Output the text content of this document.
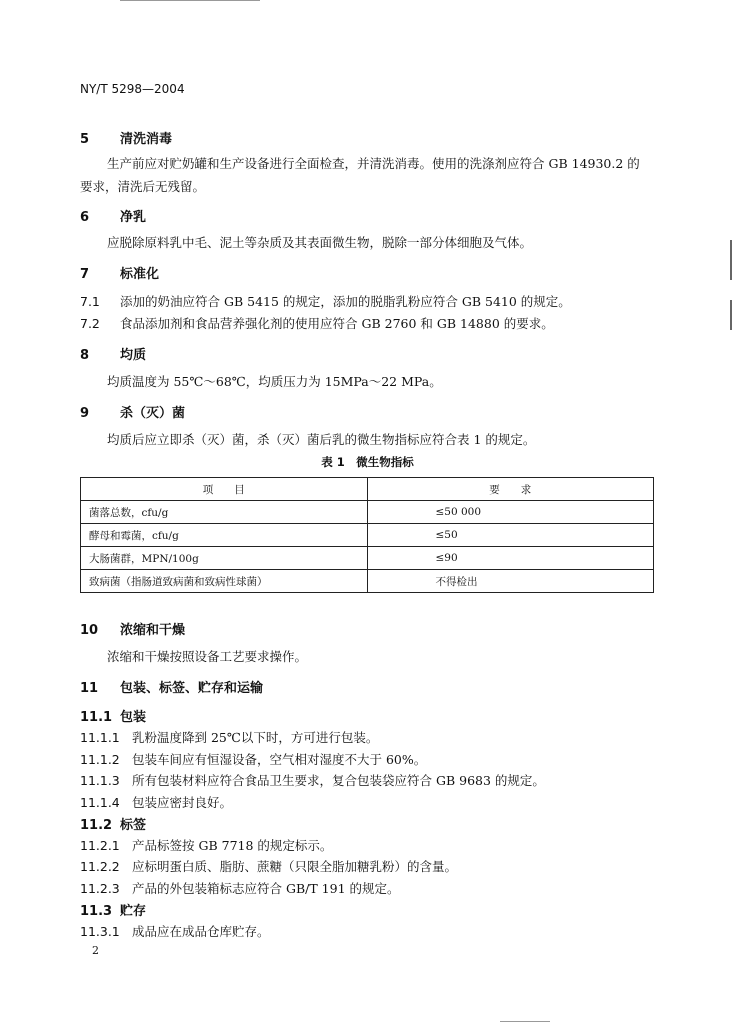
NY/T 5298—2004
5 清洗消毒
生产前应对贮奶罐和生产设备进行全面检查，并清洗消毒。使用的洗涤剂应符合 GB 14930.2 的
要求，清洗后无残留。
6 净乳
应脱除原料乳中毛、泥土等杂质及其表面微生物，脱除一部分体细胞及气体。
7 标准化
7.1 添加的奶油应符合 GB 5415 的规定，添加的脱脂乳粉应符合 GB 5410 的规定。
7.2 食品添加剂和食品营养强化剂的使用应符合 GB 2760 和 GB 14880 的要求。
8 均质
均质温度为 55℃～68℃，均质压力为 15MPa～22 MPa。
9 杀（灭）菌
均质后应立即杀（灭）菌，杀（灭）菌后乳的微生物指标应符合表 1 的规定。
表 1　微生物指标
项　　目	要　　求
菌落总数，cfu/g	≤50 000
酵母和霉菌，cfu/g	≤50
大肠菌群，MPN/100g	≤90
致病菌（指肠道致病菌和致病性球菌）	不得检出
10 浓缩和干燥
浓缩和干燥按照设备工艺要求操作。
11 包装、标签、贮存和运输
11.1 包装
11.1.1 乳粉温度降到 25℃以下时，方可进行包装。
11.1.2 包装车间应有恒湿设备，空气相对湿度不大于 60%。
11.1.3 所有包装材料应符合食品卫生要求，复合包装袋应符合 GB 9683 的规定。
11.1.4 包装应密封良好。
11.2 标签
11.2.1 产品标签按 GB 7718 的规定标示。
11.2.2 应标明蛋白质、脂肪、蔗糖（只限全脂加糖乳粉）的含量。
11.2.3 产品的外包装箱标志应符合 GB/T 191 的规定。
11.3 贮存
11.3.1 成品应在成品仓库贮存。
2
